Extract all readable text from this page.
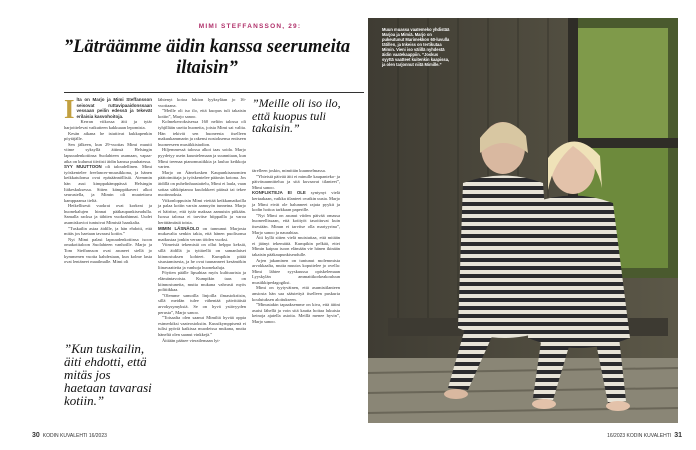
MIMI STEFFANSSON, 29:
”Läträämme äidin kanssa seerumeita iltaisin”

Ilta on Marjo ja Mimi Steffansson seisovat ruttavipaaidonssaan vessaan peilin edessä ja tekevät erilaisia kasvohoitoja.

Kerran viikossa äiti ja tytär harjoittelevat vaikutteen kakkuaan lepomista.

Kesän aikana he istuttivat kukkapenkin pöytäjälle.

Sen jälkeen, kun 29-vuotias Mimi muutti viime syksyllä äitinsä Helsingin lapsuudenkotiinsa Suolahteen asumaan, vapaa-aika on kulunut tiiviisti äidin kanssa puuhatessa.

SYY MUUTTOON oli taloudellinen. Mimi työskentelee freelancer-muusikkona, ja hänen keikkatulonsa ovat epäsäännöllisiä. Aiemmin hän asui kimppakämppässä Helsingin Itäkeskuksessa. Sitten kämppäkaveri alkoi seurustella, ja Mimin oli muutettava kamppaansa tieltä.

Hetkellisesti vuokrat ovat korkeat ja huonekalujen hinnat pääkaupunkiseudulla. Samalla racksa ja tähtien vuokrahinnat. Uudet asumiskuviot tuntuivat Mimistä haaskalta.

”Tuskailin asiaa äidille, ja hän ehdotti, että mitäs jos haetaan tavarasi kotiin.”

Nyt Mimi palasi lapsuudenkotiinsa isoon omakotitaloon Suolahteen vanhoille. Marjo ja Tom Steffansson ovat asuneet siellä jo kymmenen vuotta kahdestaan, kun kolme lasta ovat lentäneet maailmalle. Mimi oli

”Kun tuskailin, äiti ehdotti, että mitäs jos haetaan tavarasi kotiin.”

lähtenyt kotoa lukion lyyksyläan jo 16-vuotiaana.

”Meille oli iso ilo, että kuopus tuli takaisin kotiin”, Marjo sanoo.

Kolmekerroksisessa 160 neliön talossa oli tyhjillään useita huoneita, joista Mimi sai valita. Hän tekivät sen huoneesta itselleen makuukammarin ja rakensi nostoksensa entiseen huoneeseen musiikkistudion.

Hiljemmessä talossa alkoi taas soida. Marjo pyydetyy usein kuuntelemaan ja suunnitaan, kun Mimi treenaa pianomusiikkia ja lauluo keikkoja varten.

Marjo on Äänekosken Kaupunkisanomien päätoimittaja ja työskentelee pääosin kotona. Jos äidillä on puhelinhaastattelu, Mimi ei laula, vaan sottaa sähköpianoa kuulokkeet päässä tai tekee nuotinnoksia.

Viikonloppuisin Mimi viettää keikkamatkoilla ja palaa kotiin varsin aamuyön tunneina. Marjo ei häiritse, että tytär maksaa aamuisin pitkään. Isossa talossa ei tarvitse hiippailla ja varoa herättämästä toista.

MIMIN LÄSNÄOLO on tunnunut Marjosta mukavalta senkin takia, että hänen puolisonsa matkustaa jonkin verran töiden vuoksi.

Viimeisiä tekemistä on ollut helppo keksiä, sillä äidillä ja tyttärellä on samanlaiset kiinnostuksen kohteet. Kumpikin pitää sisustamisesta, ja he ovat tuunanneet kesämökin liinavaatteita ja vanhoja huonekaluja.

Pöytien päälle lipsahtaa myös kulttuurista ja elämäntavoista. Kumpikin taas on kiinnostuneita, mutta mukana vahvasti myös politiikkaa.

”Olemme samoilla linjoilla ilmastokriisin, sillä meidän tulee vähentää päivittäistä arvokysymyksiä. Se on hyvä ystävyyden perusta”, Marjo sanoo.

”Toisaalta olen saanut Mimiltä hyvää oppia esimerkiksi vaateostoksiin. Kuusikymppisenä ei tulisi pyöriä kaikissa muodeissa mukana, mutta häneltä olen saanut vinkkejä.”

Äitiään pääsee vierailemaan lyt-

”Meille oli iso ilo, että kuopus tuli takaisin.”

tärelleen joskin, mimittän kuunnelmassa.

”Yhteistä päivää äiti ei minulle kaupanteko- ja päiväsuunnittelua ja sitä kuvaavat tilanteet”, Mimi sanoo.

KONFLIKTEJA EI OLE syntynyt vielä kertaakaan, vaikka tilanteet ovatkin uusia. Marjo ja Mimi eivät ole halunneet rajata pyykit ja kodin hoitoa tarkkaan paperille.

”Nyt Mimi on asunut viiden päivää omassa huoneellissaan, että kotityöt tasoittuvat kuin itsestään. Minun ei tarvitse olla martyyrina”, Marjo sanoo ja naurahtaa.

Äiti kyllä sitten vielä muistuttaa, että mitään ei jäänyt tekemättä. Kumpikin pelkää, ettei Mimin kaipuu isoon elämään vie hänen ikinään takaisin pääkaupunkiseudulle.

Arjen jakaminen on tuntunut molemmista arvokkaalta, mutta muutos koputtelee jo ovella: Mimi lähtee syyskuussa opiskelemaan Lyyskylän ammattikorkeakouluun musiikkipedagogiksi.

Mimi on tyytyväinen, että asumistilanteen ansiosta hän saa säästettyä itselleen puskuria koulutuksen aloitukseen.

”Minustakin tapaaksemme on kiva, että äitini asuisi lähellä ja voin sitä kautta hoitaa lukuisia keinoja ajatella asioita. Meillä menee hyvin”, Marjo sanoo.

30 KODIN KUVALEHTI 16/2023

Muun muassa vaatemeko yhdistää Marjoa ja Mimiä. Marjo on pukeutunut Marimekkon 60-luvulla tätillen, ja Inkeiss on tertikutaa Mimin. Vieni iso välillä nyhdestä äidin vaatekaappiin. ”Joskus syyttä vaatteet kuitenkin kaapissa, ja olen tarjonnut niitä Mimille.”

16/2023 KODIN KUVALEHTI 31
